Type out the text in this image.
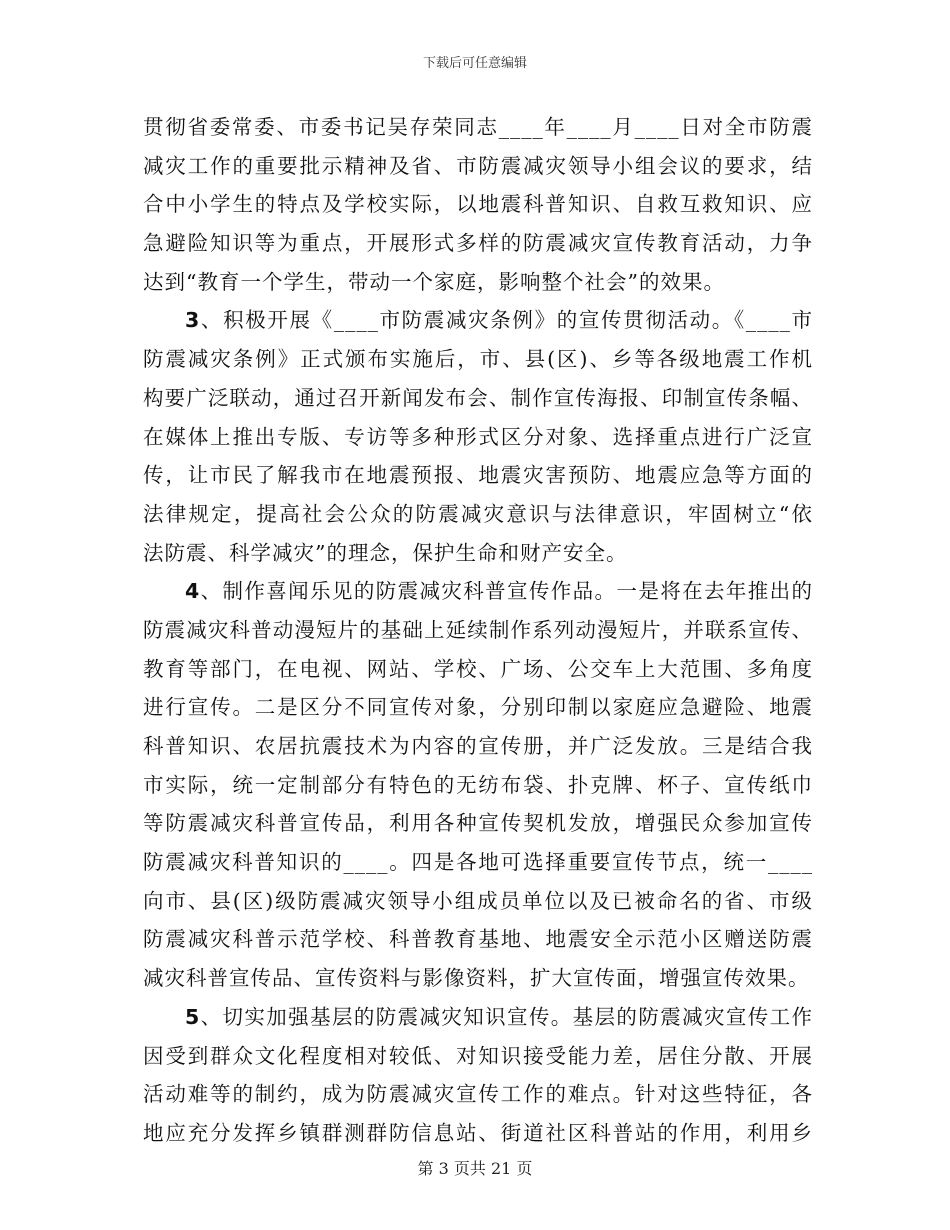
下载后可任意编辑
贯彻省委常委、市委书记吴存荣同志____年____月____日对全市防震
减灾工作的重要批示精神及省、市防震减灾领导小组会议的要求，结
合中小学生的特点及学校实际，以地震科普知识、自救互救知识、应
急避险知识等为重点，开展形式多样的防震减灾宣传教育活动，力争
达到“教育一个学生，带动一个家庭，影响整个社会”的效果。
3、积极开展《____市防震减灾条例》的宣传贯彻活动。《____市
防震减灾条例》正式颁布实施后，市、县(区)、乡等各级地震工作机
构要广泛联动，通过召开新闻发布会、制作宣传海报、印制宣传条幅、
在媒体上推出专版、专访等多种形式区分对象、选择重点进行广泛宣
传，让市民了解我市在地震预报、地震灾害预防、地震应急等方面的
法律规定，提高社会公众的防震减灾意识与法律意识，牢固树立“依
法防震、科学减灾”的理念，保护生命和财产安全。
4、制作喜闻乐见的防震减灾科普宣传作品。一是将在去年推出的
防震减灾科普动漫短片的基础上延续制作系列动漫短片，并联系宣传、
教育等部门，在电视、网站、学校、广场、公交车上大范围、多角度
进行宣传。二是区分不同宣传对象，分别印制以家庭应急避险、地震
科普知识、农居抗震技术为内容的宣传册，并广泛发放。三是结合我
市实际，统一定制部分有特色的无纺布袋、扑克牌、杯子、宣传纸巾
等防震减灾科普宣传品，利用各种宣传契机发放，增强民众参加宣传
防震减灾科普知识的____。四是各地可选择重要宣传节点，统一____
向市、县(区)级防震减灾领导小组成员单位以及已被命名的省、市级
防震减灾科普示范学校、科普教育基地、地震安全示范小区赠送防震
减灾科普宣传品、宣传资料与影像资料，扩大宣传面，增强宣传效果。
5、切实加强基层的防震减灾知识宣传。基层的防震减灾宣传工作
因受到群众文化程度相对较低、对知识接受能力差，居住分散、开展
活动难等的制约，成为防震减灾宣传工作的难点。针对这些特征，各
地应充分发挥乡镇群测群防信息站、街道社区科普站的作用，利用乡
第 3 页共 21 页
